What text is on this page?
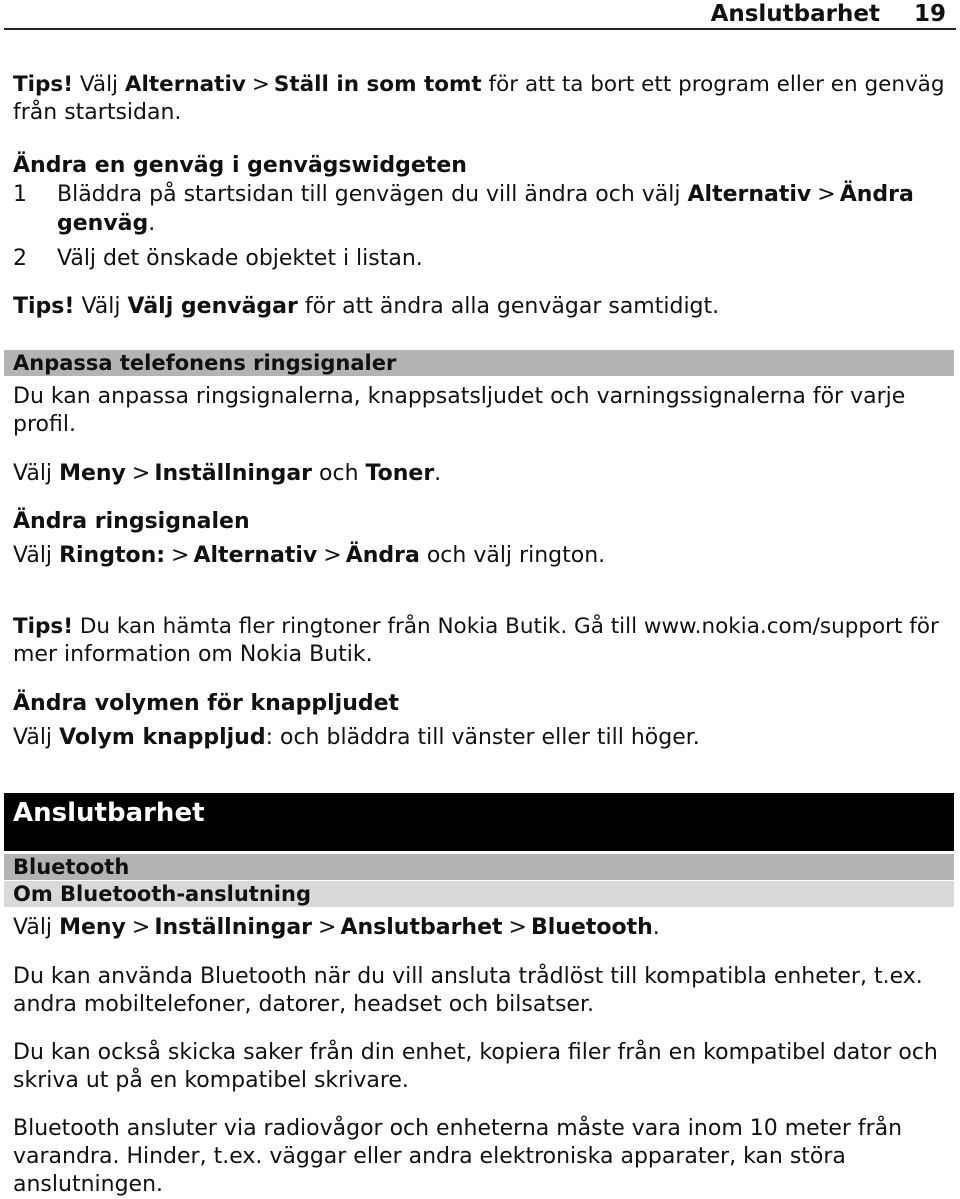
Anslutbarhet 19
Tips! Välj Alternativ > Ställ in som tomt för att ta bort ett program eller en genväg
från startsidan.
Ändra en genväg i genvägswidgeten
1 Bläddra på startsidan till genvägen du vill ändra och välj Alternativ > Ändra
genväg.
2 Välj det önskade objektet i listan.
Tips! Välj Välj genvägar för att ändra alla genvägar samtidigt.
Anpassa telefonens ringsignaler
Du kan anpassa ringsignalerna, knappsatsljudet och varningssignalerna för varje
profil.
Välj Meny > Inställningar och Toner.
Ändra ringsignalen
Välj Rington: > Alternativ > Ändra och välj rington.
Tips! Du kan hämta fler ringtoner från Nokia Butik. Gå till www.nokia.com/support för
mer information om Nokia Butik.
Ändra volymen för knappljudet
Välj Volym knappljud: och bläddra till vänster eller till höger.
Anslutbarhet
Bluetooth
Om Bluetooth-anslutning
Välj Meny > Inställningar > Anslutbarhet > Bluetooth.
Du kan använda Bluetooth när du vill ansluta trådlöst till kompatibla enheter, t.ex.
andra mobiltelefoner, datorer, headset och bilsatser.
Du kan också skicka saker från din enhet, kopiera filer från en kompatibel dator och
skriva ut på en kompatibel skrivare.
Bluetooth ansluter via radiovågor och enheterna måste vara inom 10 meter från
varandra. Hinder, t.ex. väggar eller andra elektroniska apparater, kan störa
anslutningen.
